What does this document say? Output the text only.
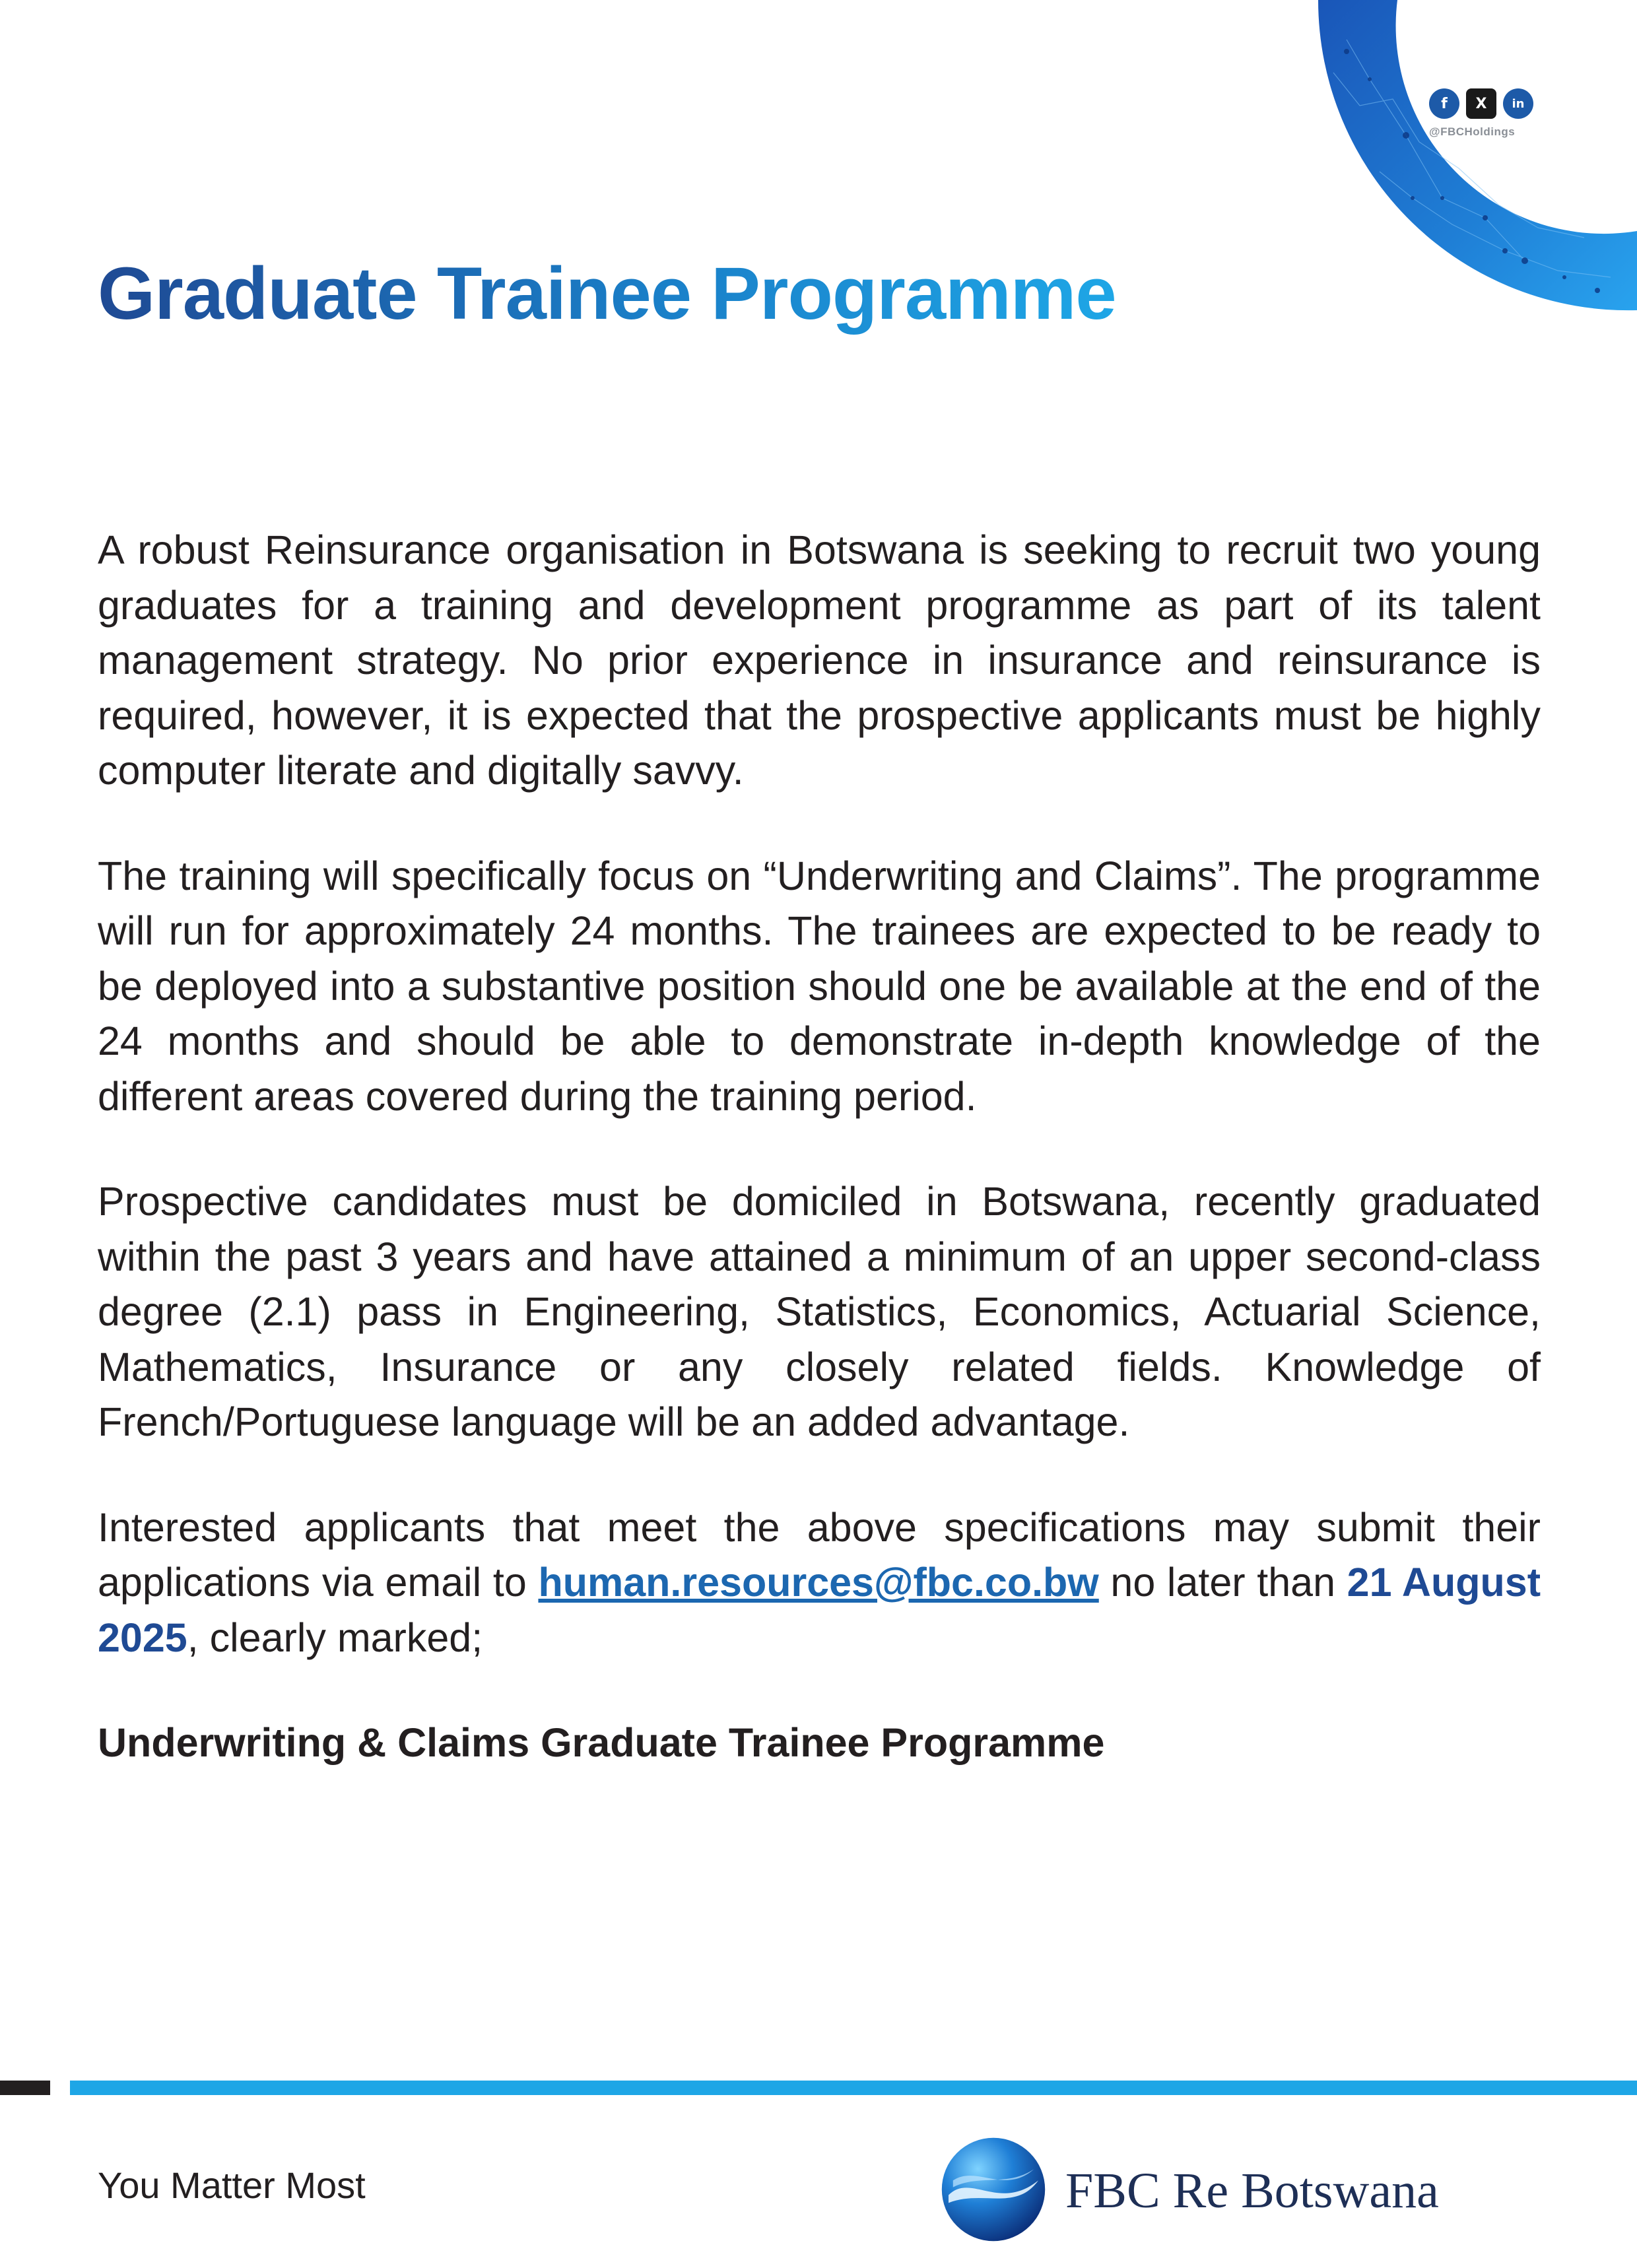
f	X	in
@FBCHoldings
Graduate Trainee Programme

A robust Reinsurance organisation in Botswana is seeking to recruit two young graduates for a training and development programme as part of its talent management strategy. No prior experience in insurance and reinsurance is required, however, it is expected that the prospective applicants must be highly computer literate and digitally savvy.

The training will specifically focus on “Underwriting and Claims”. The programme will run for approximately 24 months. The trainees are expected to be ready to be deployed into a substantive position should one be available at the end of the 24 months and should be able to demonstrate in-depth knowledge of the different areas covered during the training period.

Prospective candidates must be domiciled in Botswana, recently graduated within the past 3 years and have attained a minimum of an upper second-class degree (2.1) pass in Engineering, Statistics, Economics, Actuarial Science, Mathematics, Insurance or any closely related fields. Knowledge of French/Portuguese language will be an added advantage.

Interested applicants that meet the above specifications may submit their applications via email to human.resources@fbc.co.bw no later than 21 August 2025, clearly marked;

Underwriting & Claims Graduate Trainee Programme

You Matter Most	FBC Re Botswana
